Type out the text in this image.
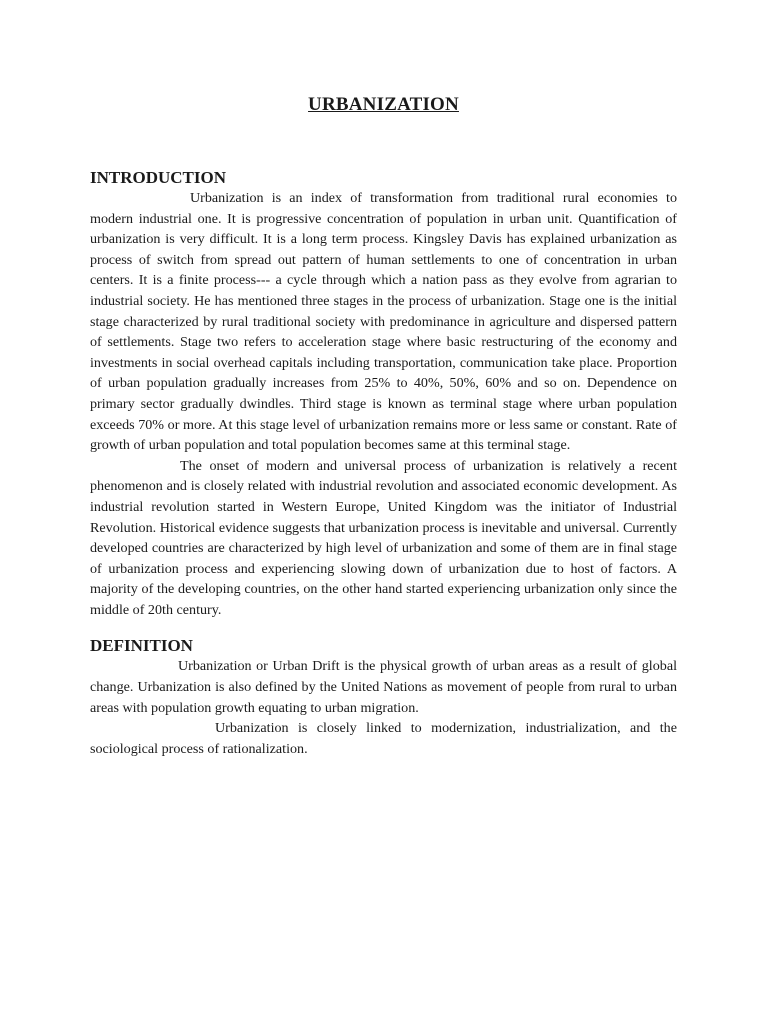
URBANIZATION
INTRODUCTION

Urbanization is an index of transformation from traditional rural economies to modern industrial one. It is progressive concentration of population in urban unit. Quantification of urbanization is very difficult. It is a long term process. Kingsley Davis has explained urbanization as process of switch from spread out pattern of human settlements to one of concentration in urban centers. It is a finite process--- a cycle through which a nation pass as they evolve from agrarian to industrial society. He has mentioned three stages in the process of urbanization. Stage one is the initial stage characterized by rural traditional society with predominance in agriculture and dispersed pattern of settlements. Stage two refers to acceleration stage where basic restructuring of the economy and investments in social overhead capitals including transportation, communication take place. Proportion of urban population gradually increases from 25% to 40%, 50%, 60% and so on. Dependence on primary sector gradually dwindles. Third stage is known as terminal stage where urban population exceeds 70% or more. At this stage level of urbanization remains more or less same or constant. Rate of growth of urban population and total population becomes same at this terminal stage.

The onset of modern and universal process of urbanization is relatively a recent phenomenon and is closely related with industrial revolution and associated economic development. As industrial revolution started in Western Europe, United Kingdom was the initiator of Industrial Revolution. Historical evidence suggests that urbanization process is inevitable and universal. Currently developed countries are characterized by high level of urbanization and some of them are in final stage of urbanization process and experiencing slowing down of urbanization due to host of factors. A majority of the developing countries, on the other hand started experiencing urbanization only since the middle of 20th century.

DEFINITION

Urbanization or Urban Drift is the physical growth of urban areas as a result of global change. Urbanization is also defined by the United Nations as movement of people from rural to urban areas with population growth equating to urban migration.

Urbanization is closely linked to modernization, industrialization, and the sociological process of rationalization.
